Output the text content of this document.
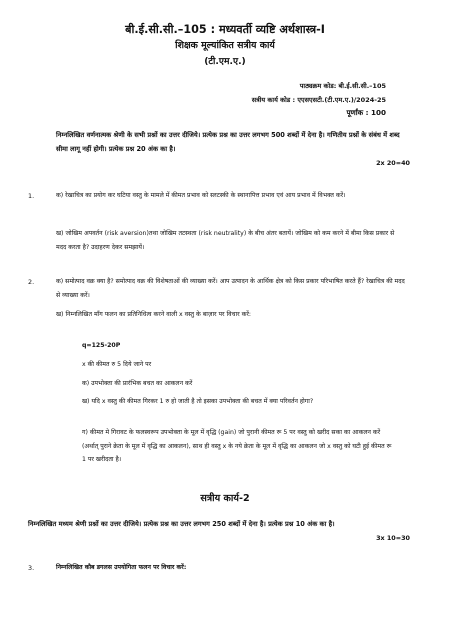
बी.ई.सी.सी.–105 : मध्यवर्ती व्यष्टि अर्थशास्त्र-I
शिक्षक मूल्यांकित सत्रीय कार्य
(टी.एम.ए.)
पाठ्यक्रम कोड: बी.ई.सी.सी.–105
सत्रीय कार्य कोड : एएसएसटी.(टी.एम.ए.)/2024-25
पूर्णांक : 100
निम्नलिखित वर्णनात्मक श्रेणी के सभी प्रश्नों का उत्तर दीजिये। प्रत्येक प्रश्न का उत्तर लगभग 500 शब्दों में देना है। गणितीय प्रश्नों के संबंध में शब्द सीमा लागू नहीं होगी। प्रत्येक प्रश्न 20 अंक का है।
2x 20=40
1.	क) रेखाचित्र का प्रयोग कर घटिया वस्तु के मामले में कीमत प्रभाव को स्लटस्की के स्थानापित्त प्रभाव एवं आय प्रभाव में विभक्त करें।
ख) जोखिम अपवर्तन (risk aversion)तथा जोखिम तटस्थता (risk neutrality) के बीच अंतर बतायें। जोखिम को कम करने में बीमा किस प्रकार से मदद करता है? उदाहरण देकर समझायें।
2.	क) समोत्पाद वक्र क्या है? समोत्पाद वक्र की विशेषताओं की व्याख्या करें। आप उत्पादन के आर्थिक क्षेत्र को किस प्रकार परिभाषित करते हैं? रेखाचित्र की मदद से व्याख्या करें।
ख) निम्नलिखित माँग फलन का प्रतिनिधित्व करने वाली x वस्तु के बाज़ार पर विचार करें:
q=125-20P
x की कीमत रु 5 दिये जाने पर
क) उपभोक्ता की प्रारंभिक बचत का आकलन करें
ख) यदि x वस्तु की कीमत गिरकर 1 रु हो जाती है तो इसका उपभोक्ता की बचत में क्या परिवर्तन होगा?
ग) कीमत मे गिरावट के फलस्वरूप उपभोक्ता के मूल में वृद्धि (gain) जो पुरानी कीमत रू 5 पर वस्तु को खरीद सका का आकलन करें (अर्थात् पुराने क्रेता के मूल में वृद्धि का आकलन), साथ ही वस्तु x के नये क्रेता के मूल में वृद्धि का आकलन जो x वस्तु को घटी हुई कीमत रू 1 पर खरीदता है।
सत्रीय कार्य-2
निम्नलिखित मध्यम श्रेणी प्रश्नों का उत्तर दीजिये। प्रत्येक प्रश्न का उत्तर लगभग 250 शब्दों में देना है। प्रत्येक प्रश्न 10 अंक का है।
3x 10=30
3.	निम्नलिखित कौब डगलस उपयोगिता फलन पर विचार करें:
